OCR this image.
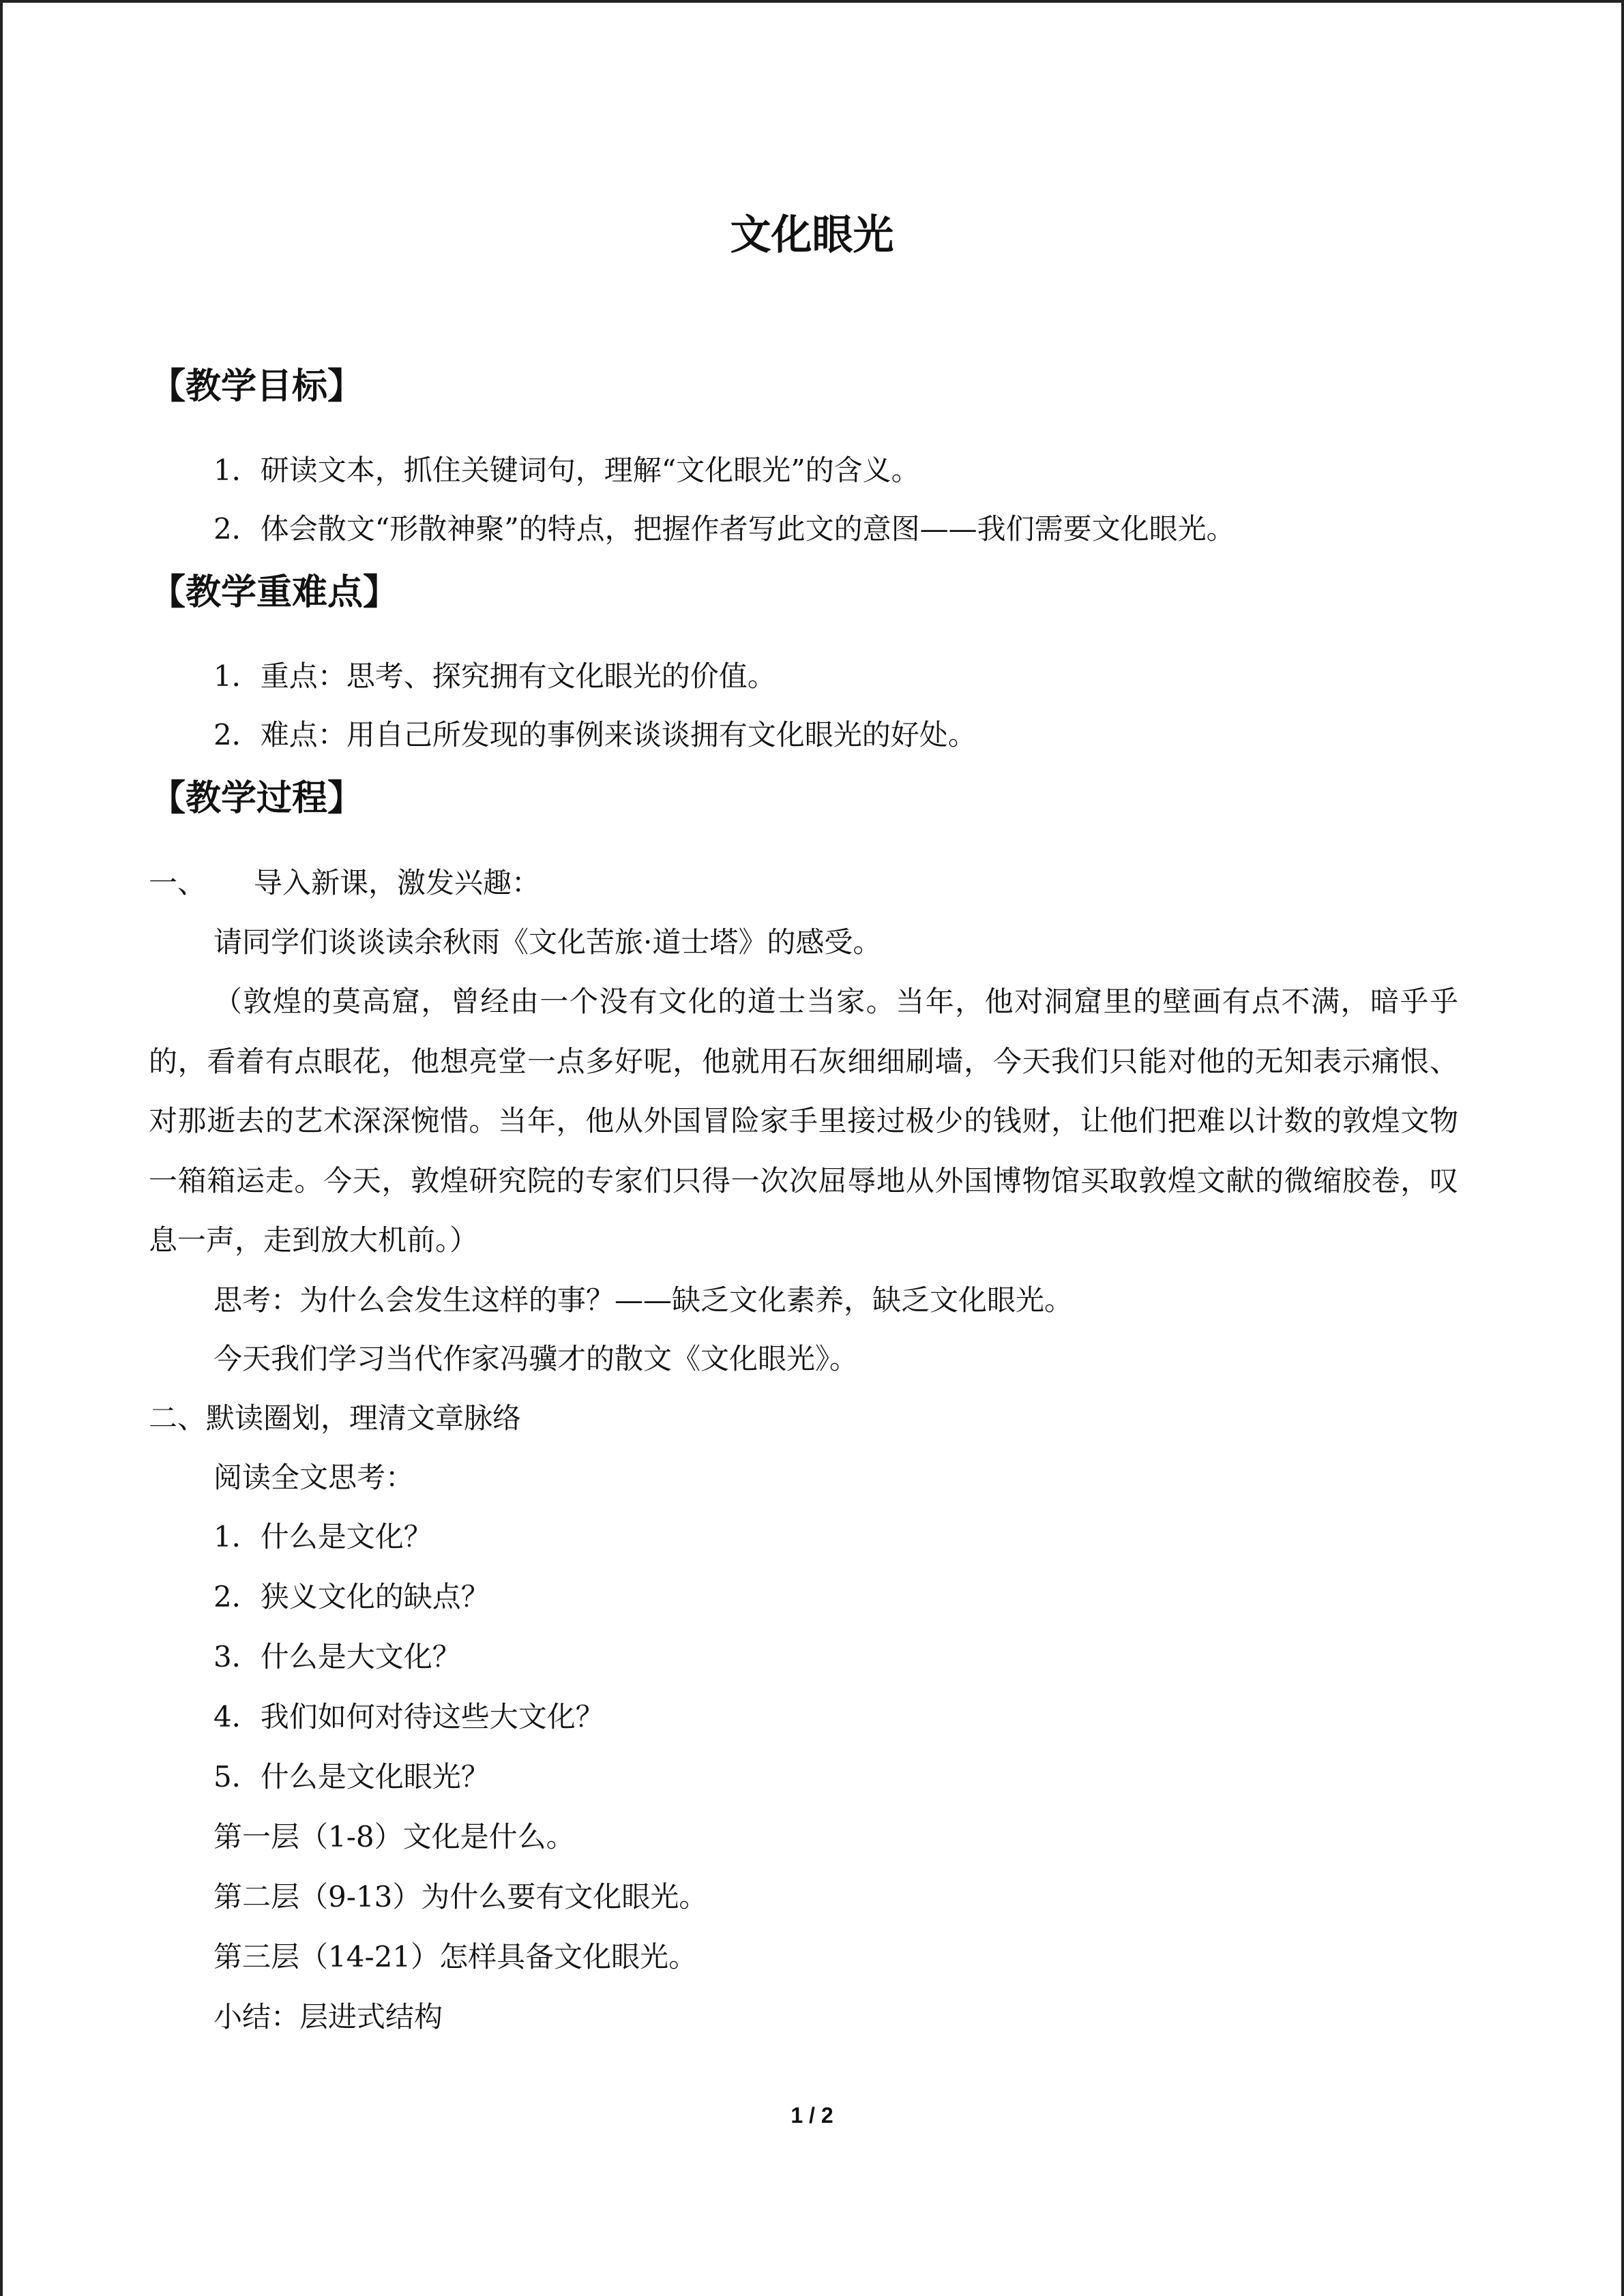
文化眼光
【教学目标】
1．研读文本，抓住关键词句，理解“文化眼光”的含义。
2．体会散文“形散神聚”的特点，把握作者写此文的意图——我们需要文化眼光。
【教学重难点】
1．重点：思考、探究拥有文化眼光的价值。
2．难点：用自己所发现的事例来谈谈拥有文化眼光的好处。
【教学过程】
一、 导入新课，激发兴趣：
请同学们谈谈读余秋雨《文化苦旅·道士塔》的感受。
（敦煌的莫高窟，曾经由一个没有文化的道士当家。当年，他对洞窟里的壁画有点不满，暗乎乎的，看着有点眼花，他想亮堂一点多好呢，他就用石灰细细刷墙，今天我们只能对他的无知表示痛恨、对那逝去的艺术深深惋惜。当年，他从外国冒险家手里接过极少的钱财，让他们把难以计数的敦煌文物一箱箱运走。今天，敦煌研究院的专家们只得一次次屈辱地从外国博物馆买取敦煌文献的微缩胶卷，叹息一声，走到放大机前。）
思考：为什么会发生这样的事？——缺乏文化素养，缺乏文化眼光。
今天我们学习当代作家冯骥才的散文《文化眼光》。
二、默读圈划，理清文章脉络
阅读全文思考：
1．什么是文化？
2．狭义文化的缺点？
3．什么是大文化？
4．我们如何对待这些大文化？
5．什么是文化眼光？
第一层（1-8）文化是什么。
第二层（9-13）为什么要有文化眼光。
第三层（14-21）怎样具备文化眼光。
小结：层进式结构
1 / 2
